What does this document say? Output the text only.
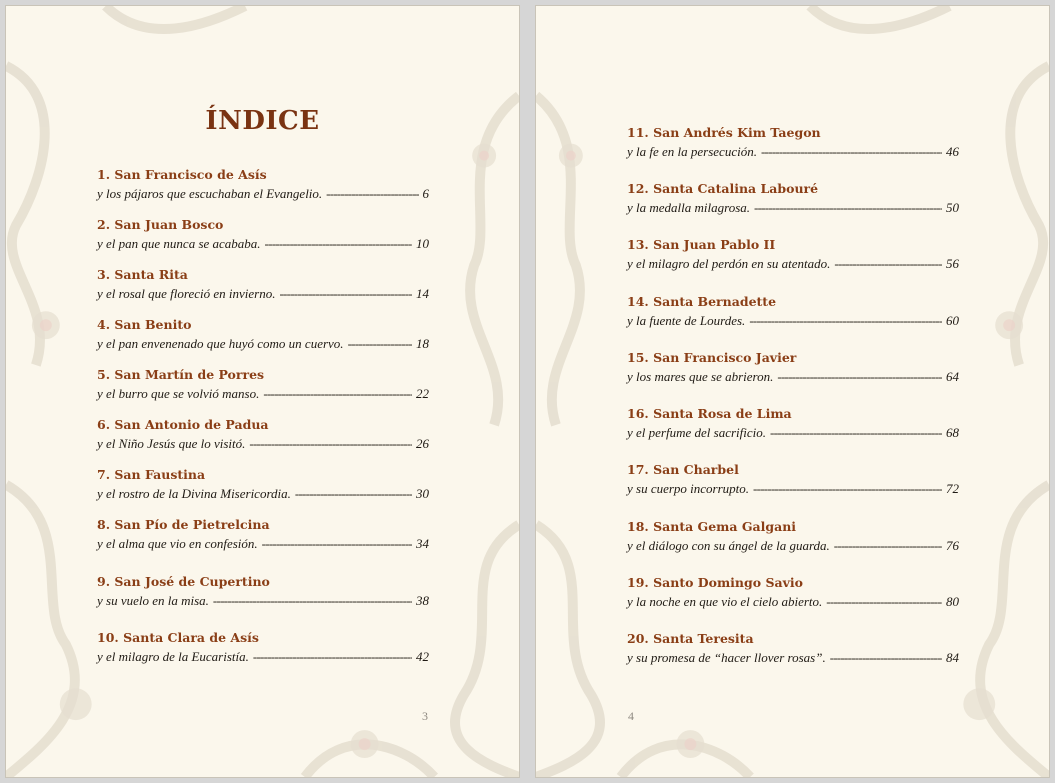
ÍNDICE
1. San Francisco de Asís
y los pájaros que escuchaban el Evangelio. - - -	6
2. San Juan Bosco
y el pan que nunca se acababa. - - -	10
3. Santa Rita
y el rosal que floreció en invierno. - - -	14
4. San Benito
y el pan envenenado que huyó como un cuervo. - - -	18
5. San Martín de Porres
y el burro que se volvió manso. - - -	22
6. San Antonio de Padua
y el Niño Jesús que lo visitó. - - -	26
7. San Faustina
y el rostro de la Divina Misericordia. - - -	30
8. San Pío de Pietrelcina
y el alma que vio en confesión. - - -	34
9. San José de Cupertino
y su vuelo en la misa. - - -	38
10. Santa Clara de Asís
y el milagro de la Eucaristía. - - -	42
3
11. San Andrés Kim Taegon
y la fe en la persecución. - - -	46
12. Santa Catalina Labouré
y la medalla milagrosa. - - -	50
13. San Juan Pablo II
y el milagro del perdón en su atentado. - - -	56
14. Santa Bernadette
y la fuente de Lourdes. - - -	60
15. San Francisco Javier
y los mares que se abrieron. - - -	64
16. Santa Rosa de Lima
y el perfume del sacrificio. - - -	68
17. San Charbel
y su cuerpo incorrupto. - - -	72
18. Santa Gema Galgani
y el diálogo con su ángel de la guarda. - - -	76
19. Santo Domingo Savio
y la noche en que vio el cielo abierto. - - -	80
20. Santa Teresita
y su promesa de “hacer llover rosas”. - - -	84
4
